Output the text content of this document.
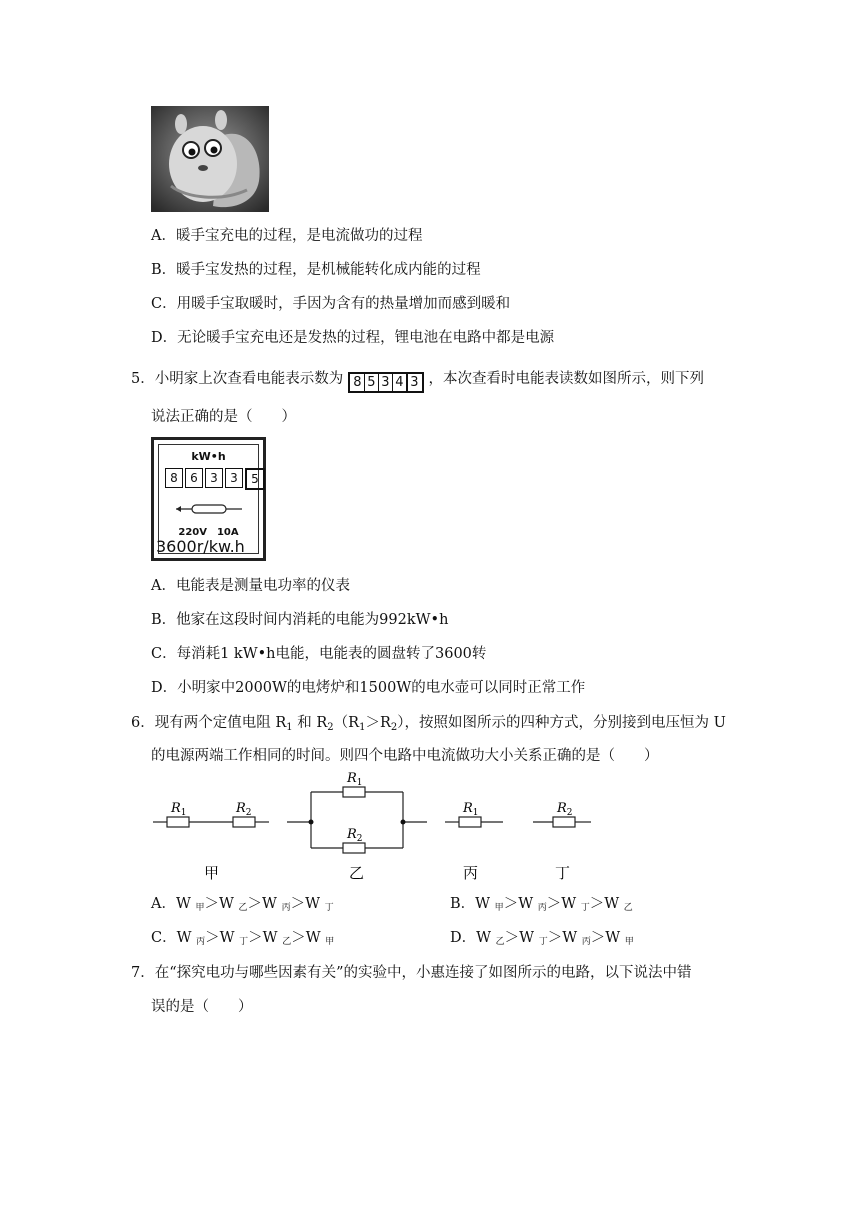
A．暖手宝充电的过程，是电流做功的过程
B．暖手宝发热的过程，是机械能转化成内能的过程
C．用暖手宝取暖时，手因为含有的热量增加而感到暖和
D．无论暖手宝充电还是发热的过程，锂电池在电路中都是电源
5．小明家上次查看电能表示数为 8 5 3 4 3 ，本次查看时电能表读数如图所示，则下列
说法正确的是（　　）
kW•h
8	6	3	3	5
220V　10A
3600r/kw.h
A．电能表是测量电功率的仪表
B．他家在这段时间内消耗的电能为992kW•h
C．每消耗1 kW•h电能，电能表的圆盘转了3600转
D．小明家中2000W的电烤炉和1500W的电水壶可以同时正常工作
6．现有两个定值电阻 $R_1$ 和 $R_2(R_1>R_2)$，按照如图所示的四种方式，分别接到电压恒为 U
的电源两端工作相同的时间。则四个电路中电流做功大小关系正确的是（　　）
$R_1$	$R_2$
$R_1$
$R_2$
$R_1$	$R_2$
甲	乙	丙	丁
A．W 甲＞W 乙＞W 丙＞W 丁	B．W 甲＞W 丙＞W 丁＞W 乙
C．W 丙＞W 丁＞W 乙＞W 甲	D．W 乙＞W 丁＞W 丙＞W 甲
7．在“探究电功与哪些因素有关”的实验中，小惠连接了如图所示的电路，以下说法中错
误的是（　　）
